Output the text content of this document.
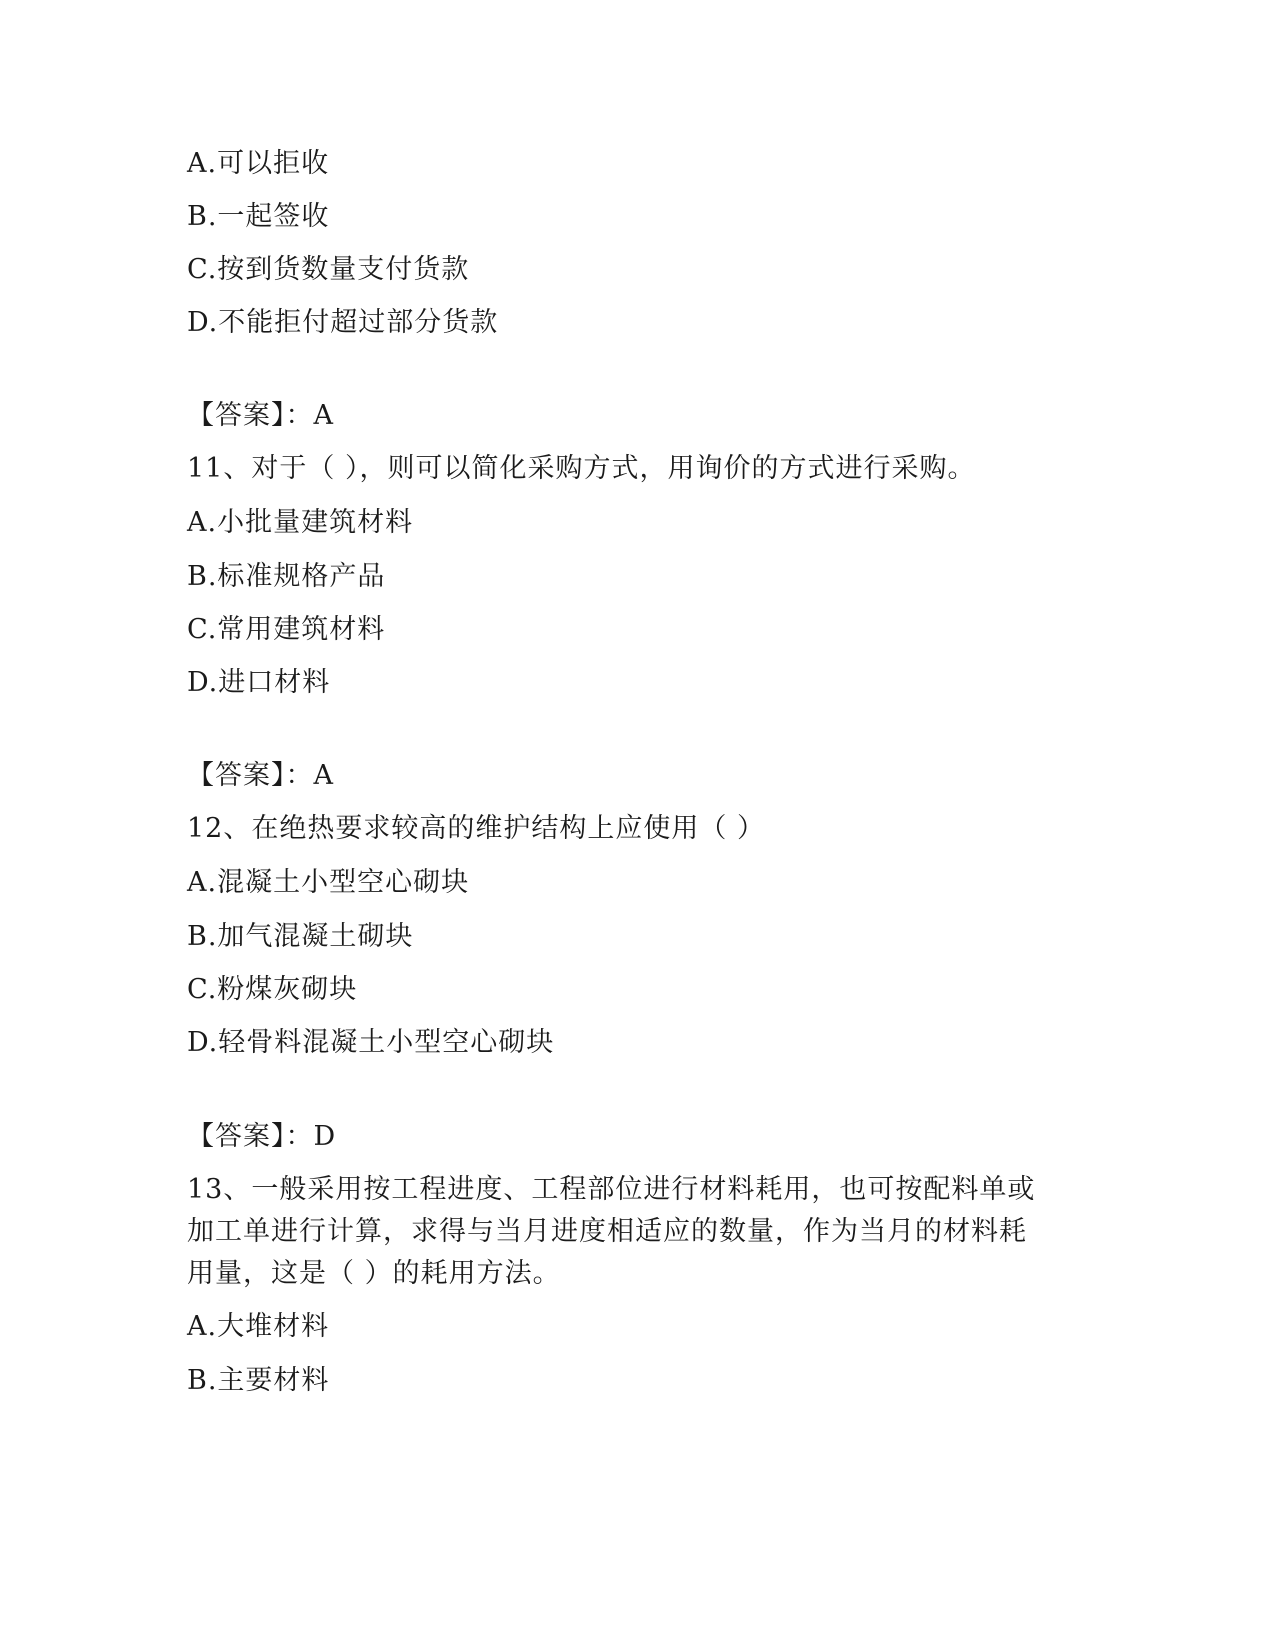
A.可以拒收
B.一起签收
C.按到货数量支付货款
D.不能拒付超过部分货款
【答案】：A
11、对于（ ），则可以简化采购方式，用询价的方式进行采购。
A.小批量建筑材料
B.标准规格产品
C.常用建筑材料
D.进口材料
【答案】：A
12、在绝热要求较高的维护结构上应使用（ ）
A.混凝土小型空心砌块
B.加气混凝土砌块
C.粉煤灰砌块
D.轻骨料混凝土小型空心砌块
【答案】：D
13、一般采用按工程进度、工程部位进行材料耗用，也可按配料单或
加工单进行计算，求得与当月进度相适应的数量，作为当月的材料耗
用量，这是（ ）的耗用方法。
A.大堆材料
B.主要材料
